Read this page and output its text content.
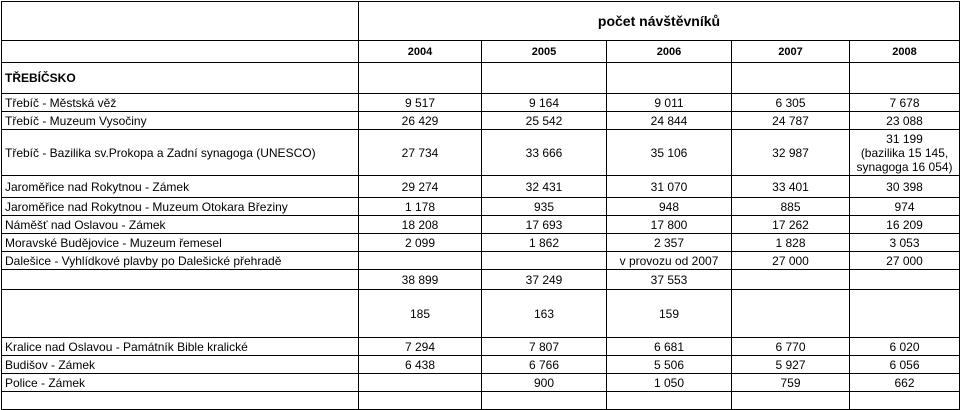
	počet návštěvníků				
	2004	2005	2006	2007	2008
TŘEBÍČSKO					
Třebíč - Městská věž	9 517	9 164	9 011	6 305	7 678
Třebíč - Muzeum Vysočiny	26 429	25 542	24 844	24 787	23 088
Třebíč - Bazilika sv.Prokopa a Zadní synagoga (UNESCO)	27 734	33 666	35 106	32 987	31 199
(bazilika 15 145,
synagoga 16 054)

Jaroměřice nad Rokytnou - Zámek	29 274	32 431	31 070	33 401	30 398
Jaroměřice nad Rokytnou - Muzeum Otokara Březiny	1 178	935	948	885	974
Náměšť nad Oslavou - Zámek	18 208	17 693	17 800	17 262	16 209
Moravské Budějovice - Muzeum řemesel	2 099	1 862	2 357	1 828	3 053
Dalešice - Vyhlídkové plavby po Dalešické přehradě			v provozu od 2007	27 000	27 000
	38 899	37 249	37 553		

	185	163	159	

Kralice nad Oslavou - Památník Bible kralické	7 294	7 807	6 681	6 770	6 020
Budišov - Zámek	6 438	6 766	5 506	5 927	6 056
Police - Zámek		900	1 050	759	662
